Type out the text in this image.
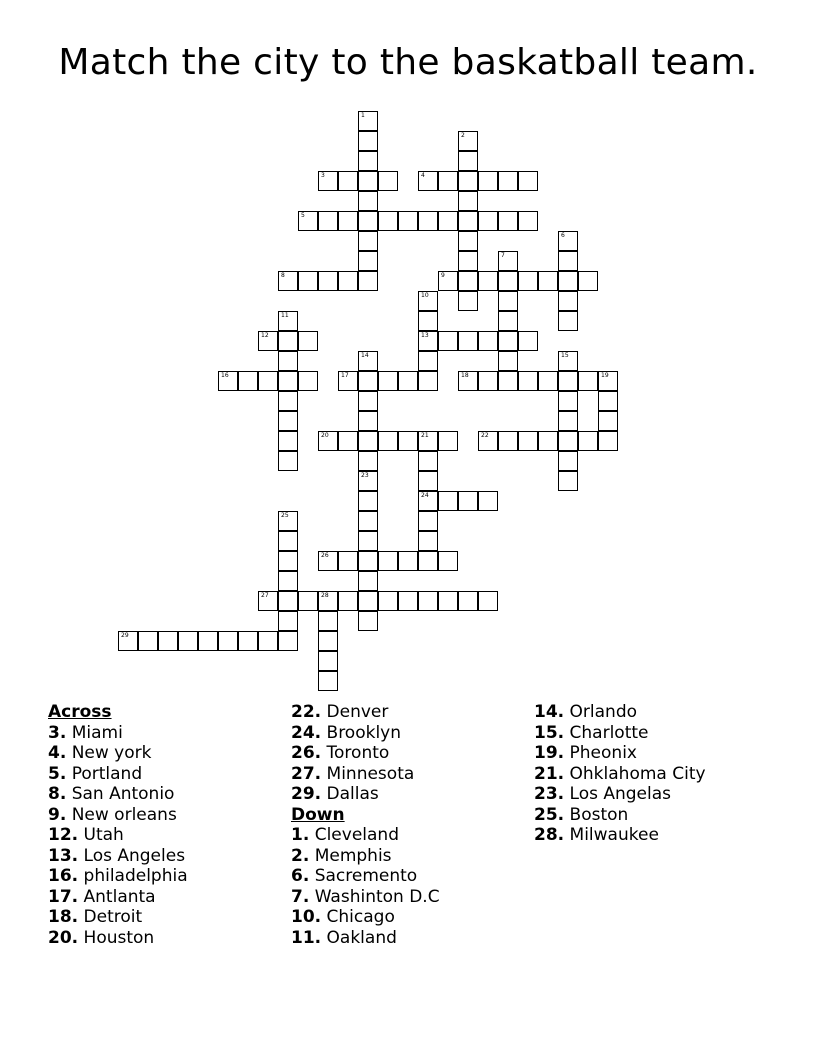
Match the city to the baskatball team.
1
2
3	4
5
6
7
8	9
10
13
11
12
14	15
16	17	18	19
20	21
24
22
23
25
26
27	28
29
Across
3. Miami
4. New york
5. Portland
8. San Antonio
9. New orleans
12. Utah
13. Los Angeles
16. philadelphia
17. Antlanta
18. Detroit
20. Houston
22. Denver
24. Brooklyn
26. Toronto
27. Minnesota
29. Dallas
Down
1. Cleveland
2. Memphis
6. Sacremento
7. Washinton D.C
10. Chicago
11. Oakland
14. Orlando
15. Charlotte
19. Pheonix
21. Ohklahoma City
23. Los Angelas
25. Boston
28. Milwaukee
